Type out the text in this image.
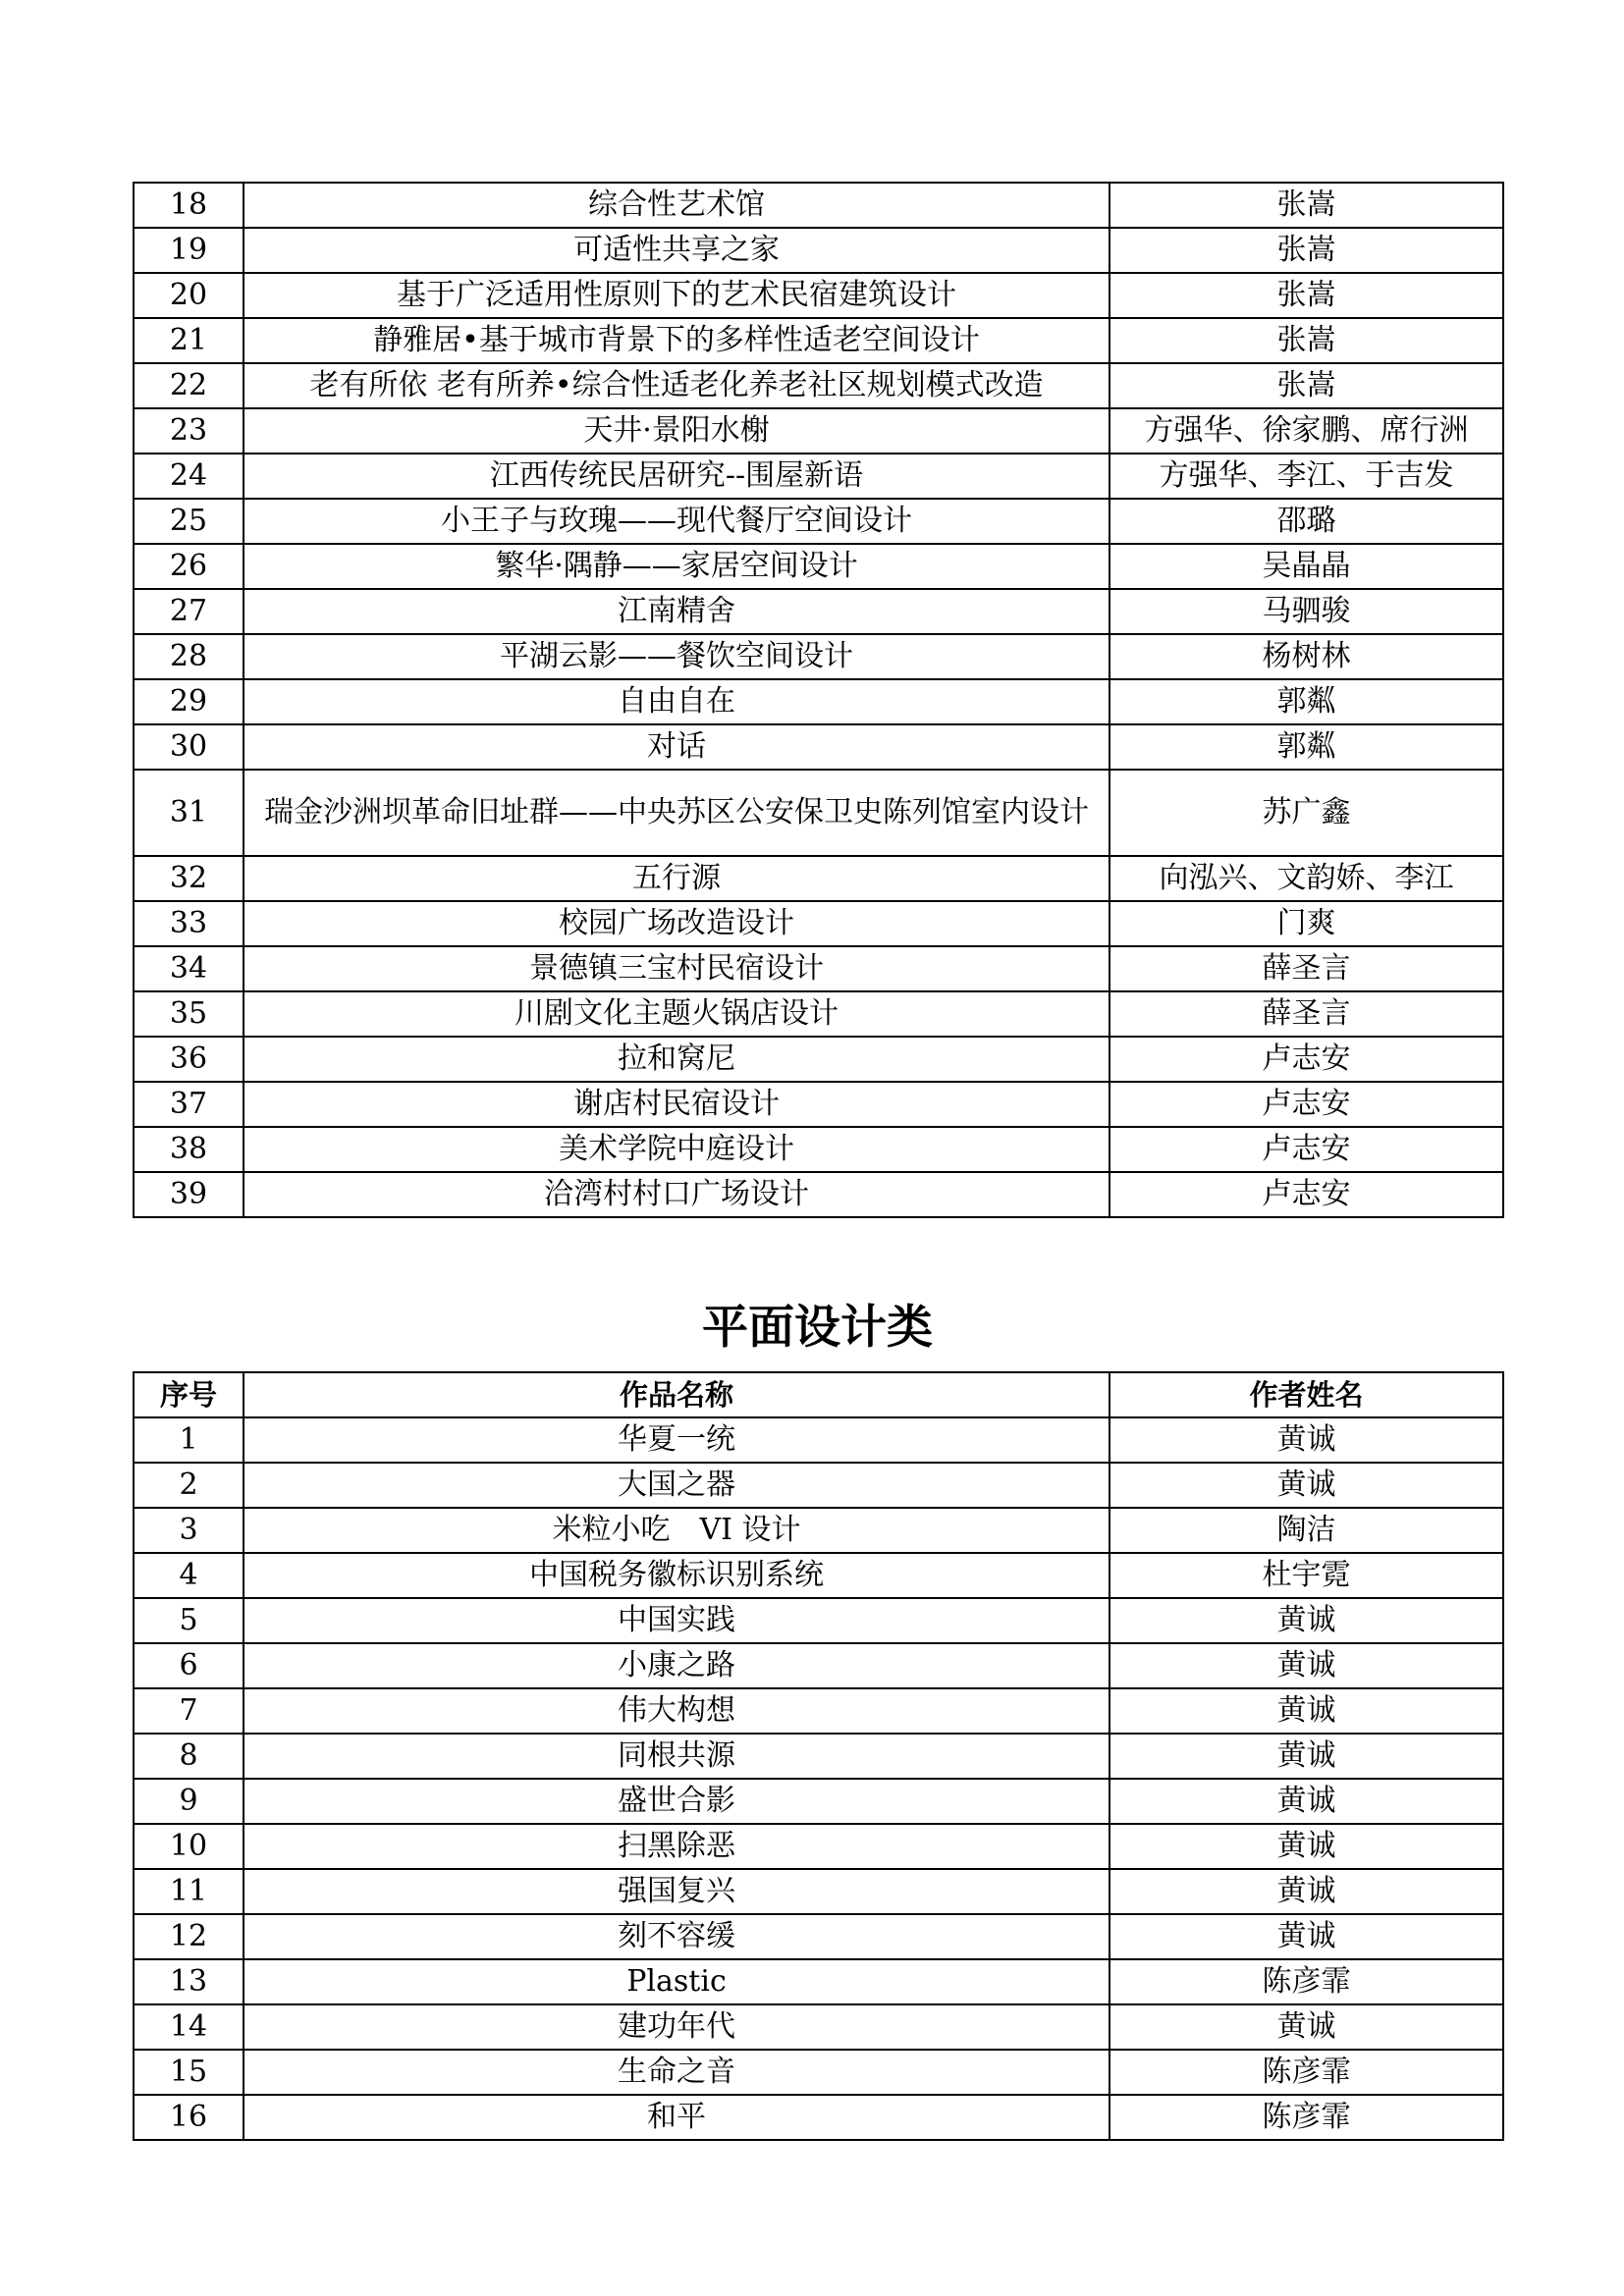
18	综合性艺术馆	张嵩
19	可适性共享之家	张嵩
20	基于广泛适用性原则下的艺术民宿建筑设计	张嵩
21	静雅居•基于城市背景下的多样性适老空间设计	张嵩
22	老有所依 老有所养•综合性适老化养老社区规划模式改造	张嵩
23	天井·景阳水榭	方强华、徐家鹏、席行洲
24	江西传统民居研究--围屋新语	方强华、李江、于吉发
25	小王子与玫瑰——现代餐厅空间设计	邵璐
26	繁华·隅静——家居空间设计	吴晶晶
27	江南精舍	马驷骏
28	平湖云影——餐饮空间设计	杨树林
29	自由自在	郭粼
30	对话	郭粼
31	瑞金沙洲坝革命旧址群——中央苏区公安保卫史陈列馆室内设计	苏广鑫
32	五行源	向泓兴、文韵娇、李江
33	校园广场改造设计	门爽
34	景德镇三宝村民宿设计	薛圣言
35	川剧文化主题火锅店设计	薛圣言
36	拉和窝尼	卢志安
37	谢店村民宿设计	卢志安
38	美术学院中庭设计	卢志安
39	洽湾村村口广场设计	卢志安
平面设计类
序号	作品名称	作者姓名
1	华夏一统	黄诚
2	大国之器	黄诚
3	米粒小吃　VI 设计	陶洁
4	中国税务徽标识别系统	杜宇霓
5	中国实践	黄诚
6	小康之路	黄诚
7	伟大构想	黄诚
8	同根共源	黄诚
9	盛世合影	黄诚
10	扫黑除恶	黄诚
11	强国复兴	黄诚
12	刻不容缓	黄诚
13	Plastic	陈彦霏
14	建功年代	黄诚
15	生命之音	陈彦霏
16	和平	陈彦霏
